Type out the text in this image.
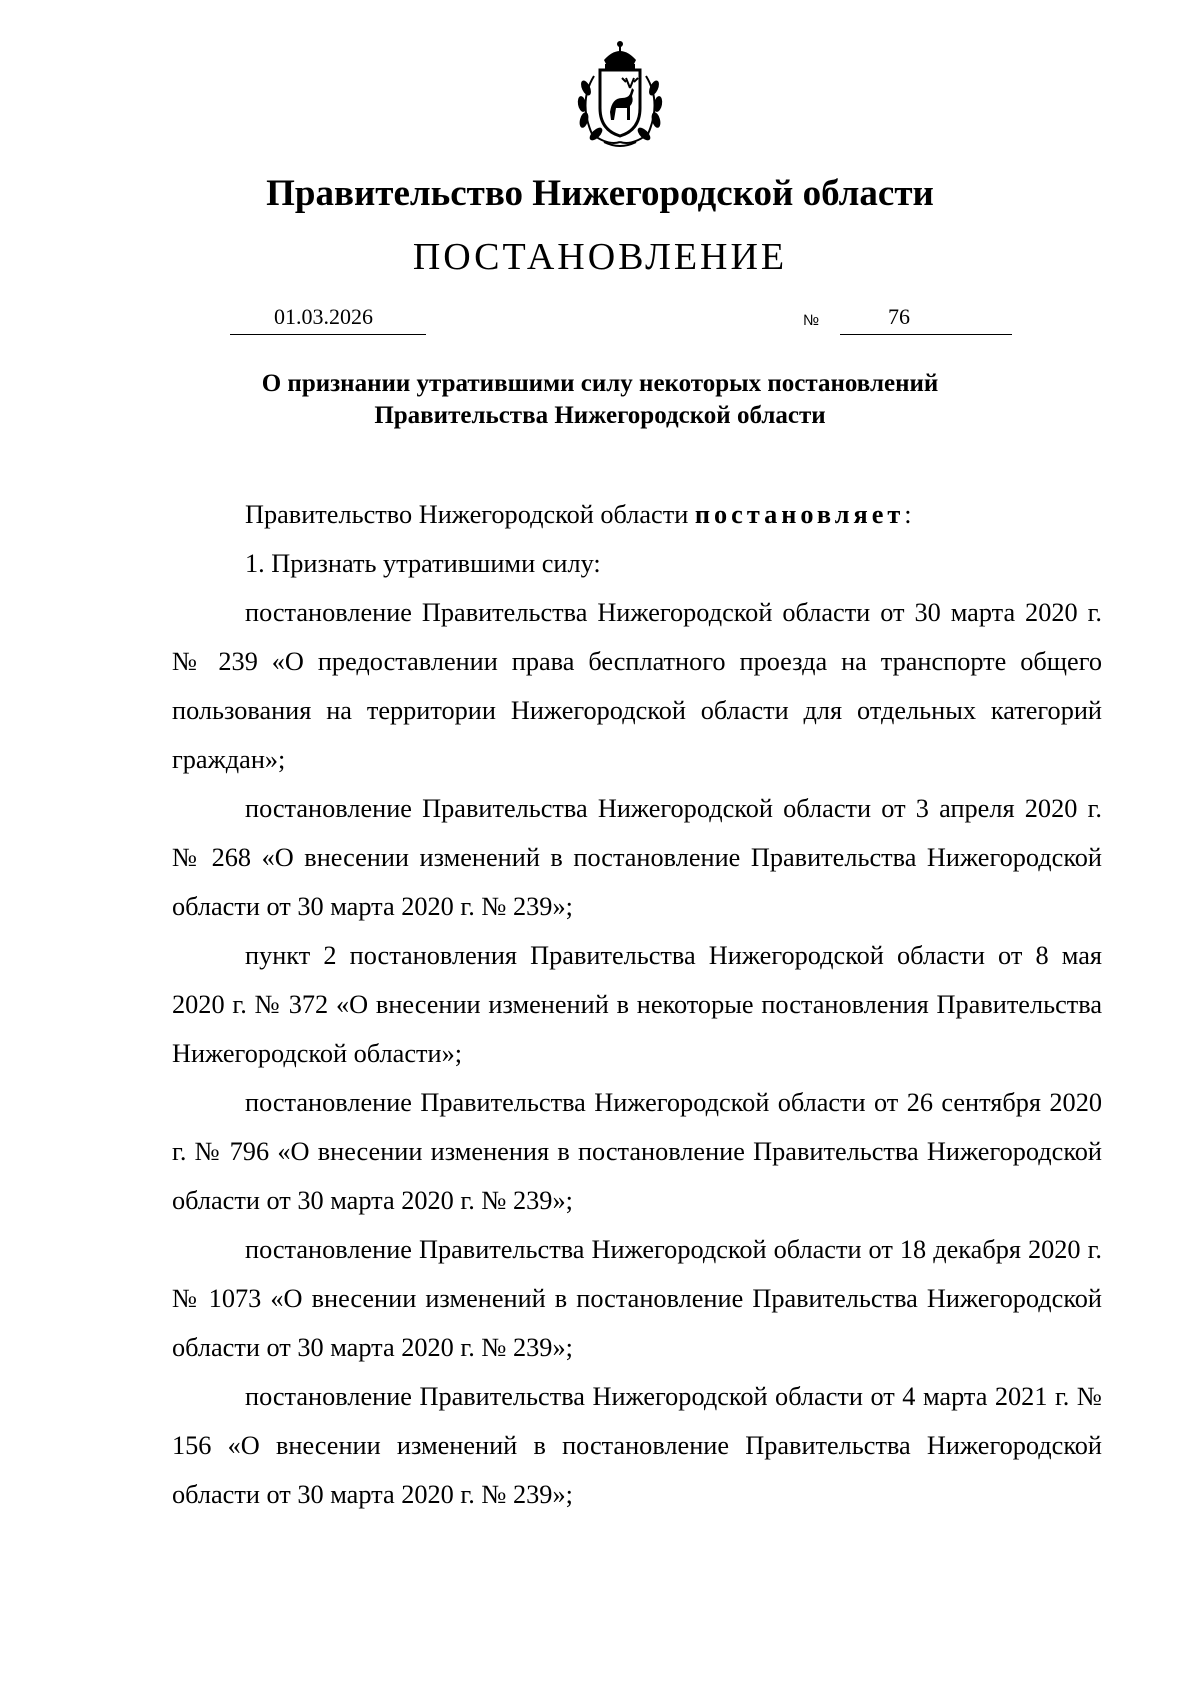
Правительство Нижегородской области
ПОСТАНОВЛЕНИЕ
01.03.2026	№	76
О признании утратившими силу некоторых постановлений
Правительства Нижегородской области

Правительство Нижегородской области постановляет:

1. Признать утратившими силу:

постановление Правительства Нижегородской области от 30 марта 2020 г. № 239 «О предоставлении права бесплатного проезда на транспорте общего пользования на территории Нижегородской области для отдельных категорий граждан»;

постановление Правительства Нижегородской области от 3 апреля 2020 г. № 268 «О внесении изменений в постановление Правительства Нижегородской области от 30 марта 2020 г. № 239»;

пункт 2 постановления Правительства Нижегородской области от 8 мая 2020 г. № 372 «О внесении изменений в некоторые постановления Правительства Нижегородской области»;

постановление Правительства Нижегородской области от 26 сентября 2020 г. № 796 «О внесении изменения в постановление Правительства Нижегородской области от 30 марта 2020 г. № 239»;

постановление Правительства Нижегородской области от 18 декабря 2020 г. № 1073 «О внесении изменений в постановление Правительства Нижегородской области от 30 марта 2020 г. № 239»;

постановление Правительства Нижегородской области от 4 марта 2021 г. № 156 «О внесении изменений в постановление Правительства Нижегородской области от 30 марта 2020 г. № 239»;
